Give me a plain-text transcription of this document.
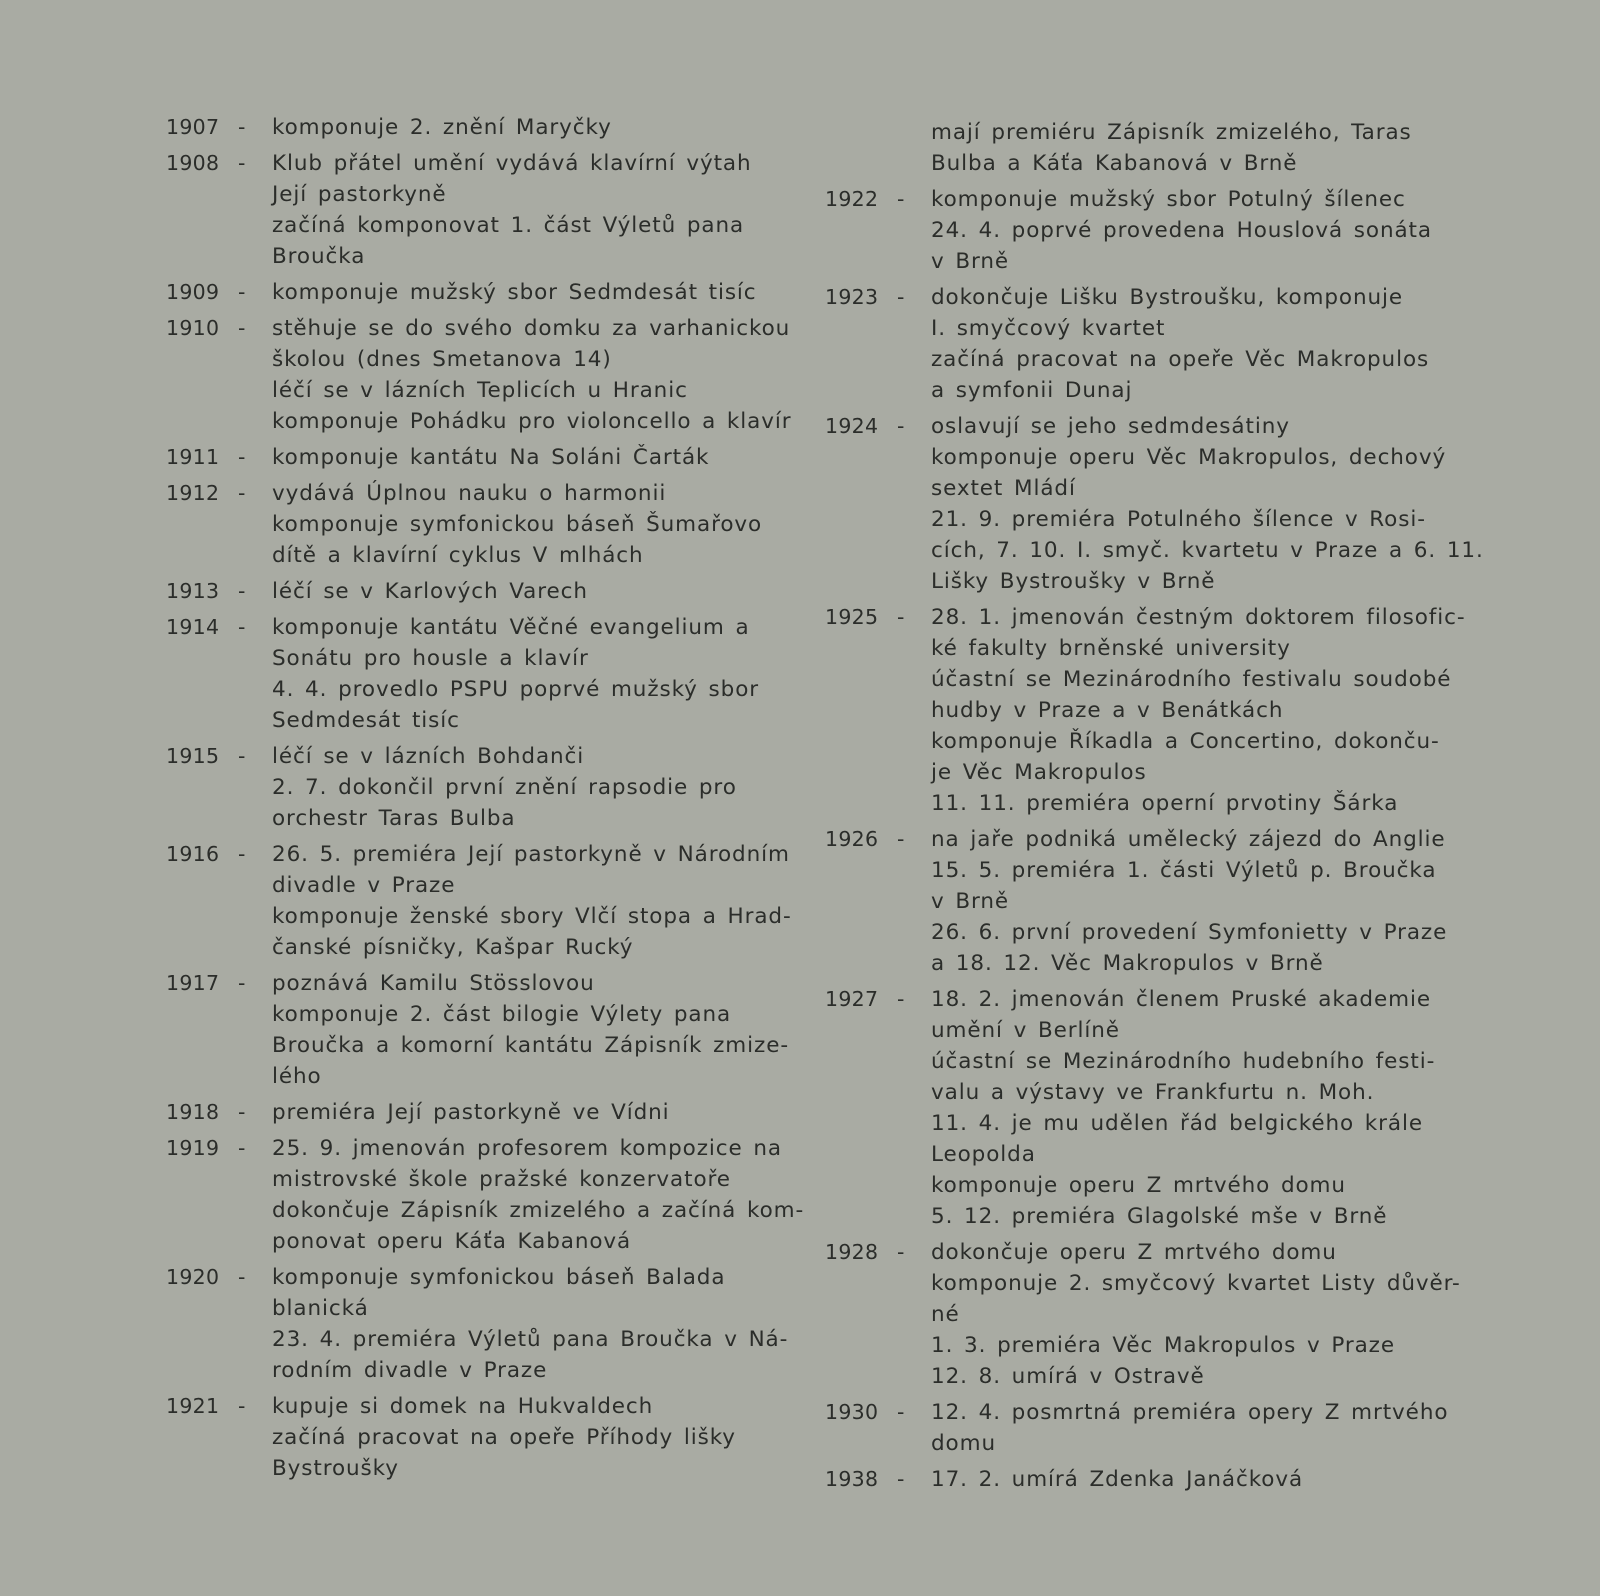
1907 -	komponuje 2. znění Maryčky
1908 -	Klub přátel umění vydává klavírní výtah
Její pastorkyně
začíná komponovat 1. část Výletů pana
Broučka
1909 -	komponuje mužský sbor Sedmdesát tisíc
1910 -	stěhuje se do svého domku za varhanickou
školou (dnes Smetanova 14)
léčí se v lázních Teplicích u Hranic
komponuje Pohádku pro violoncello a klavír
1911 -	komponuje kantátu Na Soláni Čarták
1912 -	vydává Úplnou nauku o harmonii
komponuje symfonickou báseň Šumařovo
dítě a klavírní cyklus V mlhách
1913 -	léčí se v Karlových Varech
1914 -	komponuje kantátu Věčné evangelium a
Sonátu pro housle a klavír
4. 4. provedlo PSPU poprvé mužský sbor
Sedmdesát tisíc
1915 -	léčí se v lázních Bohdanči
2. 7. dokončil první znění rapsodie pro
orchestr Taras Bulba
1916 -	26. 5. premiéra Její pastorkyně v Národním
divadle v Praze
komponuje ženské sbory Vlčí stopa a Hrad-
čanské písničky, Kašpar Rucký
1917 -	poznává Kamilu Stösslovou
komponuje 2. část bilogie Výlety pana
Broučka a komorní kantátu Zápisník zmize-
lého
1918 -	premiéra Její pastorkyně ve Vídni
1919 -	25. 9. jmenován profesorem kompozice na
mistrovské škole pražské konzervatoře
dokončuje Zápisník zmizelého a začíná kom-
ponovat operu Káťa Kabanová
1920 -	komponuje symfonickou báseň Balada
blanická
23. 4. premiéra Výletů pana Broučka v Ná-
rodním divadle v Praze
1921 -	kupuje si domek na Hukvaldech
začíná pracovat na opeře Příhody lišky
Bystroušky
mají premiéru Zápisník zmizelého, Taras
Bulba a Káťa Kabanová v Brně
1922 -	komponuje mužský sbor Potulný šílenec
24. 4. poprvé provedena Houslová sonáta
v Brně
1923 -	dokončuje Lišku Bystroušku, komponuje
I. smyčcový kvartet
začíná pracovat na opeře Věc Makropulos
a symfonii Dunaj
1924 -	oslavují se jeho sedmdesátiny
komponuje operu Věc Makropulos, dechový
sextet Mládí
21. 9. premiéra Potulného šílence v Rosi-
cích, 7. 10. I. smyč. kvartetu v Praze a 6. 11.
Lišky Bystroušky v Brně
1925 -	28. 1. jmenován čestným doktorem filosofic-
ké fakulty brněnské university
účastní se Mezinárodního festivalu soudobé
hudby v Praze a v Benátkách
komponuje Říkadla a Concertino, dokonču-
je Věc Makropulos
11. 11. premiéra operní prvotiny Šárka
1926 -	na jaře podniká umělecký zájezd do Anglie
15. 5. premiéra 1. části Výletů p. Broučka
v Brně
26. 6. první provedení Symfonietty v Praze
a 18. 12. Věc Makropulos v Brně
1927 -	18. 2. jmenován členem Pruské akademie
umění v Berlíně
účastní se Mezinárodního hudebního festi-
valu a výstavy ve Frankfurtu n. Moh.
11. 4. je mu udělen řád belgického krále
Leopolda
komponuje operu Z mrtvého domu
5. 12. premiéra Glagolské mše v Brně
1928 -	dokončuje operu Z mrtvého domu
komponuje 2. smyčcový kvartet Listy důvěr-
né
1. 3. premiéra Věc Makropulos v Praze
12. 8. umírá v Ostravě
1930 -	12. 4. posmrtná premiéra opery Z mrtvého
domu
1938 -	17. 2. umírá Zdenka Janáčková
